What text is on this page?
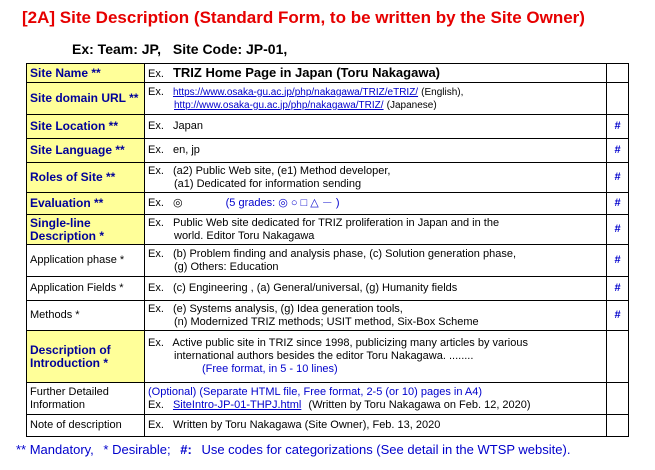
[2A] Site Description (Standard Form, to be written by the Site Owner)
Ex: Team: JP, Site Code: JP-01,
Site Name **	Ex. TRIZ Home Page in Japan (Toru Nakagawa)	
Site domain URL **	Ex. https://www.osaka-gu.ac.jp/php/nakagawa/TRIZ/eTRIZ/ (English),
http://www.osaka-gu.ac.jp/php/nakagawa/TRIZ/ (Japanese)	

Site Location **	Ex. Japan	#
Site Language **	Ex. en, jp	#
Roles of Site **	Ex. (a2) Public Web site, (e1) Method developer,
(a1) Dedicated for information sending	#
Evaluation **	Ex. ◎ (5 grades: ◎ ○ □ △ － )	#
Single-line Description *	Ex. Public Web site dedicated for TRIZ proliferation in Japan and in the
world. Editor Toru Nakagawa	#
Application phase *	Ex. (b) Problem finding and analysis phase, (c) Solution generation phase,
(g) Others: Education	#
Application Fields *	Ex. (c) Engineering , (a) General/universal, (g) Humanity fields	#
Methods *	Ex. (e) Systems analysis, (g) Idea generation tools,
(n) Modernized TRIZ methods; USIT method, Six-Box Scheme	#
Description of Introduction *	Ex. Active public site in TRIZ since 1998, publicizing many articles by various
international authors besides the editor Toru Nakagawa. ........
(Free format, in 5 - 10 lines)	

Further Detailed Information	(Optional) (Separate HTML file, Free format, 2-5 (or 10) pages in A4)
Ex. SiteIntro-JP-01-THPJ.html (Written by Toru Nakagawa on Feb. 12, 2020)	

Note of description	Ex. Written by Toru Nakagawa (Site Owner), Feb. 13, 2020	
** Mandatory, * Desirable; #: Use codes for categorizations (See detail in the WTSP website).
